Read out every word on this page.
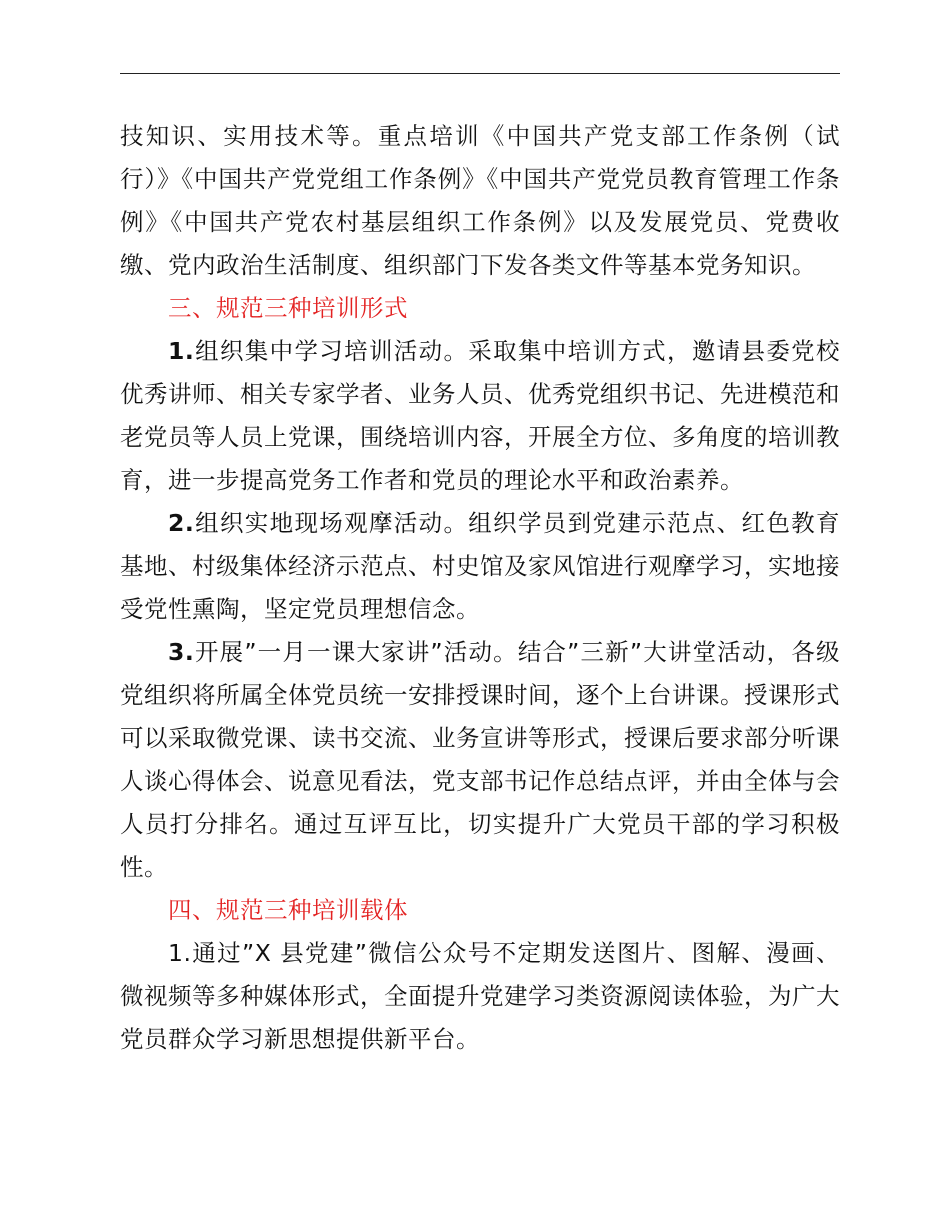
技知识、实用技术等。重点培训《中国共产党支部工作条例（试行）》《中国共产党党组工作条例》《中国共产党党员教育管理工作条例》《中国共产党农村基层组织工作条例》以及发展党员、党费收缴、党内政治生活制度、组织部门下发各类文件等基本党务知识。

三、规范三种培训形式

1.组织集中学习培训活动。采取集中培训方式，邀请县委党校优秀讲师、相关专家学者、业务人员、优秀党组织书记、先进模范和老党员等人员上党课，围绕培训内容，开展全方位、多角度的培训教育，进一步提高党务工作者和党员的理论水平和政治素养。

2.组织实地现场观摩活动。组织学员到党建示范点、红色教育基地、村级集体经济示范点、村史馆及家风馆进行观摩学习，实地接受党性熏陶，坚定党员理想信念。

3.开展”一月一课大家讲”活动。结合”三新”大讲堂活动，各级党组织将所属全体党员统一安排授课时间，逐个上台讲课。授课形式可以采取微党课、读书交流、业务宣讲等形式，授课后要求部分听课人谈心得体会、说意见看法，党支部书记作总结点评，并由全体与会人员打分排名。通过互评互比，切实提升广大党员干部的学习积极性。

四、规范三种培训载体

1.通过”X 县党建”微信公众号不定期发送图片、图解、漫画、微视频等多种媒体形式，全面提升党建学习类资源阅读体验，为广大党员群众学习新思想提供新平台。
